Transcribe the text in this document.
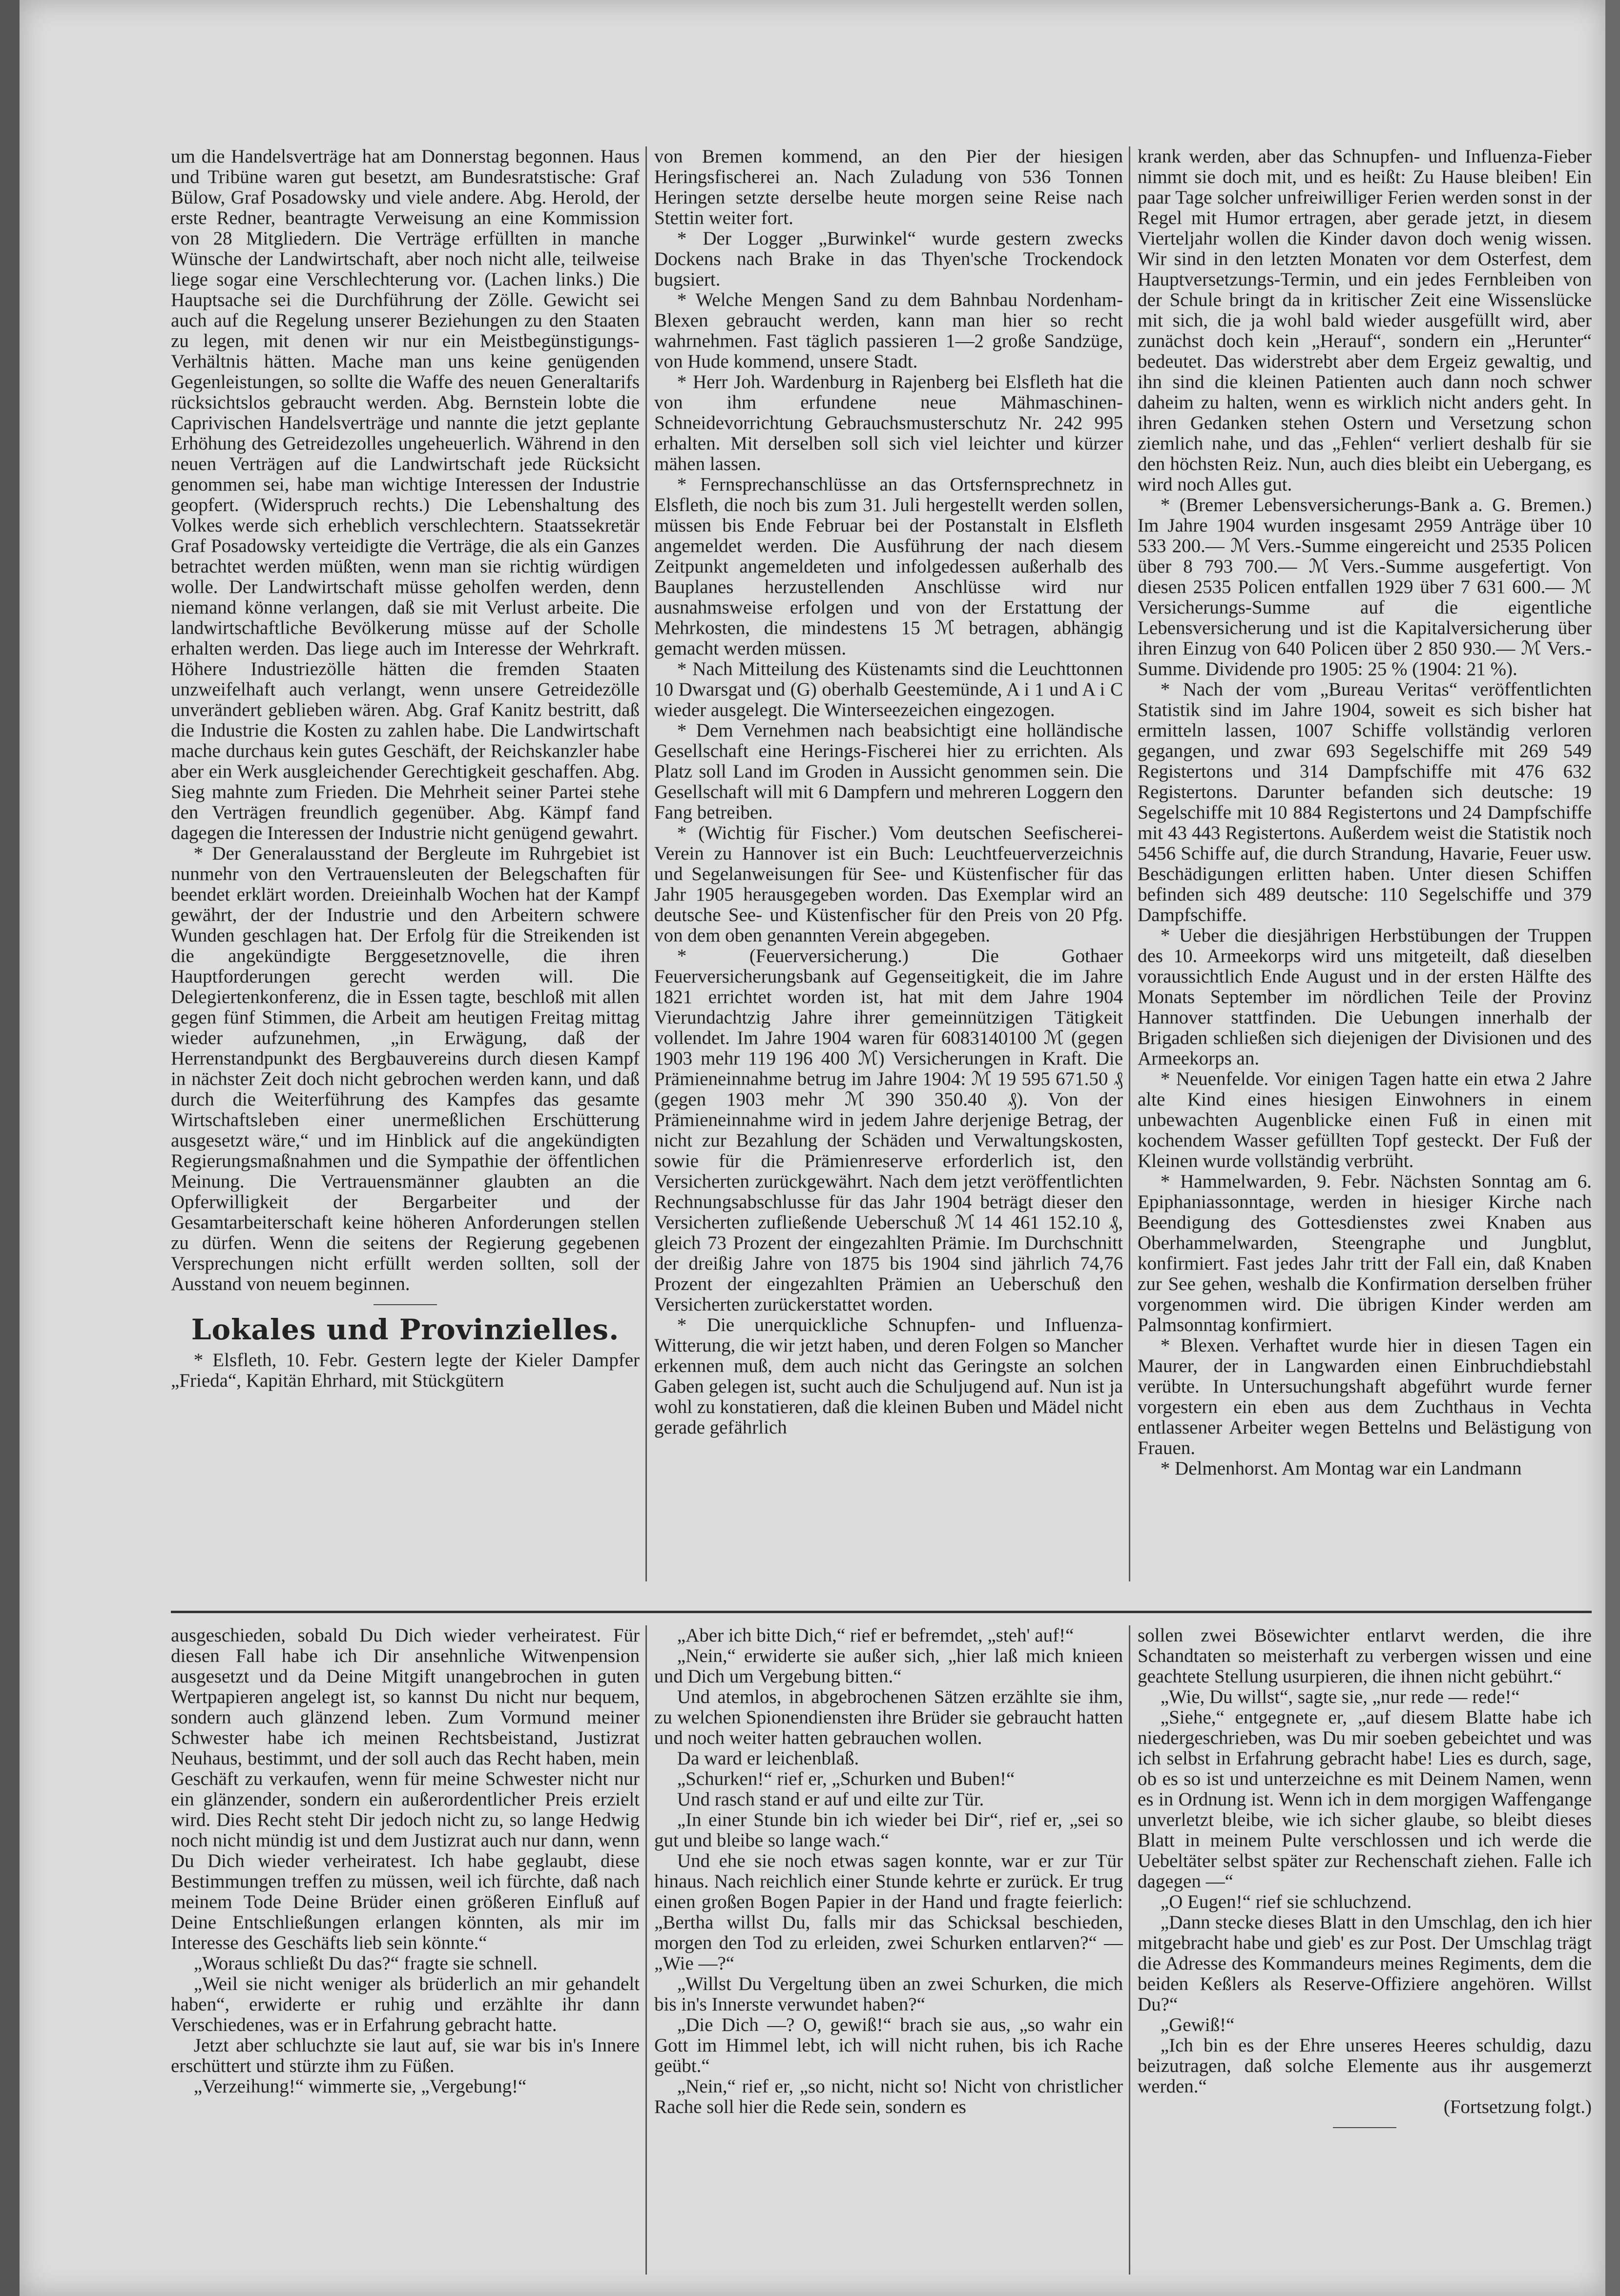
um die Handelsverträge hat am Donnerstag begonnen. Haus und Tribüne waren gut besetzt, am Bundesratstische: Graf Bülow, Graf Posadowsky und viele andere. Abg. Herold, der erste Redner, beantragte Verweisung an eine Kommission von 28 Mitgliedern. Die Verträge erfüllten in manche Wünsche der Landwirtschaft, aber noch nicht alle, teilweise liege sogar eine Verschlechterung vor. (Lachen links.) Die Hauptsache sei die Durchführung der Zölle. Gewicht sei auch auf die Regelung unserer Beziehungen zu den Staaten zu legen, mit denen wir nur ein Meistbegünstigungs-Verhältnis hätten. Mache man uns keine genügenden Gegenleistungen, so sollte die Waffe des neuen Generaltarifs rücksichtslos gebraucht werden. Abg. Bernstein lobte die Caprivischen Handelsverträge und nannte die jetzt geplante Erhöhung des Getreidezolles ungeheuerlich. Während in den neuen Verträgen auf die Landwirtschaft jede Rücksicht genommen sei, habe man wichtige Interessen der Industrie geopfert. (Widerspruch rechts.) Die Lebenshaltung des Volkes werde sich erheblich verschlechtern. Staatssekretär Graf Posadowsky verteidigte die Verträge, die als ein Ganzes betrachtet werden müßten, wenn man sie richtig würdigen wolle. Der Landwirtschaft müsse geholfen werden, denn niemand könne verlangen, daß sie mit Verlust arbeite. Die landwirtschaftliche Bevölkerung müsse auf der Scholle erhalten werden. Das liege auch im Interesse der Wehrkraft. Höhere Industriezölle hätten die fremden Staaten unzweifelhaft auch verlangt, wenn unsere Getreidezölle unverändert geblieben wären. Abg. Graf Kanitz bestritt, daß die Industrie die Kosten zu zahlen habe. Die Landwirtschaft mache durchaus kein gutes Geschäft, der Reichskanzler habe aber ein Werk ausgleichender Gerechtigkeit geschaffen. Abg. Sieg mahnte zum Frieden. Die Mehrheit seiner Partei stehe den Verträgen freundlich gegenüber. Abg. Kämpf fand dagegen die Interessen der Industrie nicht genügend gewahrt.

* Der Generalausstand der Bergleute im Ruhrgebiet ist nunmehr von den Vertrauensleuten der Belegschaften für beendet erklärt worden. Dreieinhalb Wochen hat der Kampf gewährt, der der Industrie und den Arbeitern schwere Wunden geschlagen hat. Der Erfolg für die Streikenden ist die angekündigte Berggesetznovelle, die ihren Hauptforderungen gerecht werden will. Die Delegiertenkonferenz, die in Essen tagte, beschloß mit allen gegen fünf Stimmen, die Arbeit am heutigen Freitag mittag wieder aufzunehmen, „in Erwägung, daß der Herrenstandpunkt des Bergbauvereins durch diesen Kampf in nächster Zeit doch nicht gebrochen werden kann, und daß durch die Weiterführung des Kampfes das gesamte Wirtschaftsleben einer unermeßlichen Erschütterung ausgesetzt wäre,“ und im Hinblick auf die angekündigten Regierungsmaßnahmen und die Sympathie der öffentlichen Meinung. Die Vertrauensmänner glaubten an die Opferwilligkeit der Bergarbeiter und der Gesamtarbeiterschaft keine höheren Anforderungen stellen zu dürfen. Wenn die seitens der Regierung gegebenen Versprechungen nicht erfüllt werden sollten, soll der Ausstand von neuem beginnen.

Lokales und Provinzielles.

* Elsfleth, 10. Febr. Gestern legte der Kieler Dampfer „Frieda“, Kapitän Ehrhard, mit Stückgütern

von Bremen kommend, an den Pier der hiesigen Heringsfischerei an. Nach Zuladung von 536 Tonnen Heringen setzte derselbe heute morgen seine Reise nach Stettin weiter fort.

* Der Logger „Burwinkel“ wurde gestern zwecks Dockens nach Brake in das Thyen'sche Trockendock bugsiert.

* Welche Mengen Sand zu dem Bahnbau Nordenham-Blexen gebraucht werden, kann man hier so recht wahrnehmen. Fast täglich passieren 1—2 große Sandzüge, von Hude kommend, unsere Stadt.

* Herr Joh. Wardenburg in Rajenberg bei Elsfleth hat die von ihm erfundene neue Mähmaschinen-Schneidevorrichtung Gebrauchsmusterschutz Nr. 242 995 erhalten. Mit derselben soll sich viel leichter und kürzer mähen lassen.

* Fernsprechanschlüsse an das Ortsfernsprechnetz in Elsfleth, die noch bis zum 31. Juli hergestellt werden sollen, müssen bis Ende Februar bei der Postanstalt in Elsfleth angemeldet werden. Die Ausführung der nach diesem Zeitpunkt angemeldeten und infolgedessen außerhalb des Bauplanes herzustellenden Anschlüsse wird nur ausnahmsweise erfolgen und von der Erstattung der Mehrkosten, die mindestens 15 ℳ betragen, abhängig gemacht werden müssen.

* Nach Mitteilung des Küstenamts sind die Leuchttonnen 10 Dwarsgat und (G) oberhalb Geestemünde, A i 1 und A i C wieder ausgelegt. Die Winterseezeichen eingezogen.

* Dem Vernehmen nach beabsichtigt eine holländische Gesellschaft eine Herings-Fischerei hier zu errichten. Als Platz soll Land im Groden in Aussicht genommen sein. Die Gesellschaft will mit 6 Dampfern und mehreren Loggern den Fang betreiben.

* (Wichtig für Fischer.) Vom deutschen Seefischerei-Verein zu Hannover ist ein Buch: Leuchtfeuerverzeichnis und Segelanweisungen für See- und Küstenfischer für das Jahr 1905 herausgegeben worden. Das Exemplar wird an deutsche See- und Küstenfischer für den Preis von 20 Pfg. von dem oben genannten Verein abgegeben.

* (Feuerversicherung.) Die Gothaer Feuerversicherungsbank auf Gegenseitigkeit, die im Jahre 1821 errichtet worden ist, hat mit dem Jahre 1904 Vierundachtzig Jahre ihrer gemeinnützigen Tätigkeit vollendet. Im Jahre 1904 waren für 6083140100 ℳ (gegen 1903 mehr 119 196 400 ℳ) Versicherungen in Kraft. Die Prämieneinnahme betrug im Jahre 1904: ℳ 19 595 671.50 ₰ (gegen 1903 mehr ℳ 390 350.40 ₰). Von der Prämieneinnahme wird in jedem Jahre derjenige Betrag, der nicht zur Bezahlung der Schäden und Verwaltungskosten, sowie für die Prämienreserve erforderlich ist, den Versicherten zurückgewährt. Nach dem jetzt veröffentlichten Rechnungsabschlusse für das Jahr 1904 beträgt dieser den Versicherten zufließende Ueberschuß ℳ 14 461 152.10 ₰, gleich 73 Prozent der eingezahlten Prämie. Im Durchschnitt der dreißig Jahre von 1875 bis 1904 sind jährlich 74,76 Prozent der eingezahlten Prämien an Ueberschuß den Versicherten zurückerstattet worden.

* Die unerquickliche Schnupfen- und Influenza-Witterung, die wir jetzt haben, und deren Folgen so Mancher erkennen muß, dem auch nicht das Geringste an solchen Gaben gelegen ist, sucht auch die Schuljugend auf. Nun ist ja wohl zu konstatieren, daß die kleinen Buben und Mädel nicht gerade gefährlich

krank werden, aber das Schnupfen- und Influenza-Fieber nimmt sie doch mit, und es heißt: Zu Hause bleiben! Ein paar Tage solcher unfreiwilliger Ferien werden sonst in der Regel mit Humor ertragen, aber gerade jetzt, in diesem Vierteljahr wollen die Kinder davon doch wenig wissen. Wir sind in den letzten Monaten vor dem Osterfest, dem Hauptversetzungs-Termin, und ein jedes Fernbleiben von der Schule bringt da in kritischer Zeit eine Wissenslücke mit sich, die ja wohl bald wieder ausgefüllt wird, aber zunächst doch kein „Herauf“, sondern ein „Herunter“ bedeutet. Das widerstrebt aber dem Ergeiz gewaltig, und ihn sind die kleinen Patienten auch dann noch schwer daheim zu halten, wenn es wirklich nicht anders geht. In ihren Gedanken stehen Ostern und Versetzung schon ziemlich nahe, und das „Fehlen“ verliert deshalb für sie den höchsten Reiz. Nun, auch dies bleibt ein Uebergang, es wird noch Alles gut.

* (Bremer Lebensversicherungs-Bank a. G. Bremen.) Im Jahre 1904 wurden insgesamt 2959 Anträge über 10 533 200.— ℳ Vers.-Summe eingereicht und 2535 Policen über 8 793 700.— ℳ Vers.-Summe ausgefertigt. Von diesen 2535 Policen entfallen 1929 über 7 631 600.— ℳ Versicherungs-Summe auf die eigentliche Lebensversicherung und ist die Kapitalversicherung über ihren Einzug von 640 Policen über 2 850 930.— ℳ Vers.-Summe. Dividende pro 1905: 25 % (1904: 21 %).

* Nach der vom „Bureau Veritas“ veröffentlichten Statistik sind im Jahre 1904, soweit es sich bisher hat ermitteln lassen, 1007 Schiffe vollständig verloren gegangen, und zwar 693 Segelschiffe mit 269 549 Registertons und 314 Dampfschiffe mit 476 632 Registertons. Darunter befanden sich deutsche: 19 Segelschiffe mit 10 884 Registertons und 24 Dampfschiffe mit 43 443 Registertons. Außerdem weist die Statistik noch 5456 Schiffe auf, die durch Strandung, Havarie, Feuer usw. Beschädigungen erlitten haben. Unter diesen Schiffen befinden sich 489 deutsche: 110 Segelschiffe und 379 Dampfschiffe.

* Ueber die diesjährigen Herbstübungen der Truppen des 10. Armeekorps wird uns mitgeteilt, daß dieselben voraussichtlich Ende August und in der ersten Hälfte des Monats September im nördlichen Teile der Provinz Hannover stattfinden. Die Uebungen innerhalb der Brigaden schließen sich diejenigen der Divisionen und des Armeekorps an.

* Neuenfelde. Vor einigen Tagen hatte ein etwa 2 Jahre alte Kind eines hiesigen Einwohners in einem unbewachten Augenblicke einen Fuß in einen mit kochendem Wasser gefüllten Topf gesteckt. Der Fuß der Kleinen wurde vollständig verbrüht.

* Hammelwarden, 9. Febr. Nächsten Sonntag am 6. Epiphaniassonntage, werden in hiesiger Kirche nach Beendigung des Gottesdienstes zwei Knaben aus Oberhammelwarden, Steengraphe und Jungblut, konfirmiert. Fast jedes Jahr tritt der Fall ein, daß Knaben zur See gehen, weshalb die Konfirmation derselben früher vorgenommen wird. Die übrigen Kinder werden am Palmsonntag konfirmiert.

* Blexen. Verhaftet wurde hier in diesen Tagen ein Maurer, der in Langwarden einen Einbruchdiebstahl verübte. In Untersuchungshaft abgeführt wurde ferner vorgestern ein eben aus dem Zuchthaus in Vechta entlassener Arbeiter wegen Bettelns und Belästigung von Frauen.

* Delmenhorst. Am Montag war ein Landmann

ausgeschieden, sobald Du Dich wieder verheiratest. Für diesen Fall habe ich Dir ansehnliche Witwenpension ausgesetzt und da Deine Mitgift unangebrochen in guten Wertpapieren angelegt ist, so kannst Du nicht nur bequem, sondern auch glänzend leben. Zum Vormund meiner Schwester habe ich meinen Rechtsbeistand, Justizrat Neuhaus, bestimmt, und der soll auch das Recht haben, mein Geschäft zu verkaufen, wenn für meine Schwester nicht nur ein glänzender, sondern ein außerordentlicher Preis erzielt wird. Dies Recht steht Dir jedoch nicht zu, so lange Hedwig noch nicht mündig ist und dem Justizrat auch nur dann, wenn Du Dich wieder verheiratest. Ich habe geglaubt, diese Bestimmungen treffen zu müssen, weil ich fürchte, daß nach meinem Tode Deine Brüder einen größeren Einfluß auf Deine Entschließungen erlangen könnten, als mir im Interesse des Geschäfts lieb sein könnte.“

„Woraus schließt Du das?“ fragte sie schnell.

„Weil sie nicht weniger als brüderlich an mir gehandelt haben“, erwiderte er ruhig und erzählte ihr dann Verschiedenes, was er in Erfahrung gebracht hatte.

Jetzt aber schluchzte sie laut auf, sie war bis in's Innere erschüttert und stürzte ihm zu Füßen.

„Verzeihung!“ wimmerte sie, „Vergebung!“

„Aber ich bitte Dich,“ rief er befremdet, „steh' auf!“

„Nein,“ erwiderte sie außer sich, „hier laß mich knieen und Dich um Vergebung bitten.“

Und atemlos, in abgebrochenen Sätzen erzählte sie ihm, zu welchen Spionendiensten ihre Brüder sie gebraucht hatten und noch weiter hatten gebrauchen wollen.

Da ward er leichenblaß.

„Schurken!“ rief er, „Schurken und Buben!“

Und rasch stand er auf und eilte zur Tür.

„In einer Stunde bin ich wieder bei Dir“, rief er, „sei so gut und bleibe so lange wach.“

Und ehe sie noch etwas sagen konnte, war er zur Tür hinaus. Nach reichlich einer Stunde kehrte er zurück. Er trug einen großen Bogen Papier in der Hand und fragte feierlich: „Bertha willst Du, falls mir das Schicksal beschieden, morgen den Tod zu erleiden, zwei Schurken entlarven?“ — „Wie —?“

„Willst Du Vergeltung üben an zwei Schurken, die mich bis in's Innerste verwundet haben?“

„Die Dich —? O, gewiß!“ brach sie aus, „so wahr ein Gott im Himmel lebt, ich will nicht ruhen, bis ich Rache geübt.“

„Nein,“ rief er, „so nicht, nicht so! Nicht von christlicher Rache soll hier die Rede sein, sondern es

sollen zwei Bösewichter entlarvt werden, die ihre Schandtaten so meisterhaft zu verbergen wissen und eine geachtete Stellung usurpieren, die ihnen nicht gebührt.“

„Wie, Du willst“, sagte sie, „nur rede — rede!“

„Siehe,“ entgegnete er, „auf diesem Blatte habe ich niedergeschrieben, was Du mir soeben gebeichtet und was ich selbst in Erfahrung gebracht habe! Lies es durch, sage, ob es so ist und unterzeichne es mit Deinem Namen, wenn es in Ordnung ist. Wenn ich in dem morgigen Waffengange unverletzt bleibe, wie ich sicher glaube, so bleibt dieses Blatt in meinem Pulte verschlossen und ich werde die Uebeltäter selbst später zur Rechenschaft ziehen. Falle ich dagegen —“

„O Eugen!“ rief sie schluchzend.

„Dann stecke dieses Blatt in den Umschlag, den ich hier mitgebracht habe und gieb' es zur Post. Der Umschlag trägt die Adresse des Kommandeurs meines Regiments, dem die beiden Keßlers als Reserve-Offiziere angehören. Willst Du?“

„Gewiß!“

„Ich bin es der Ehre unseres Heeres schuldig, dazu beizutragen, daß solche Elemente aus ihr ausgemerzt werden.“

(Fortsetzung folgt.)
